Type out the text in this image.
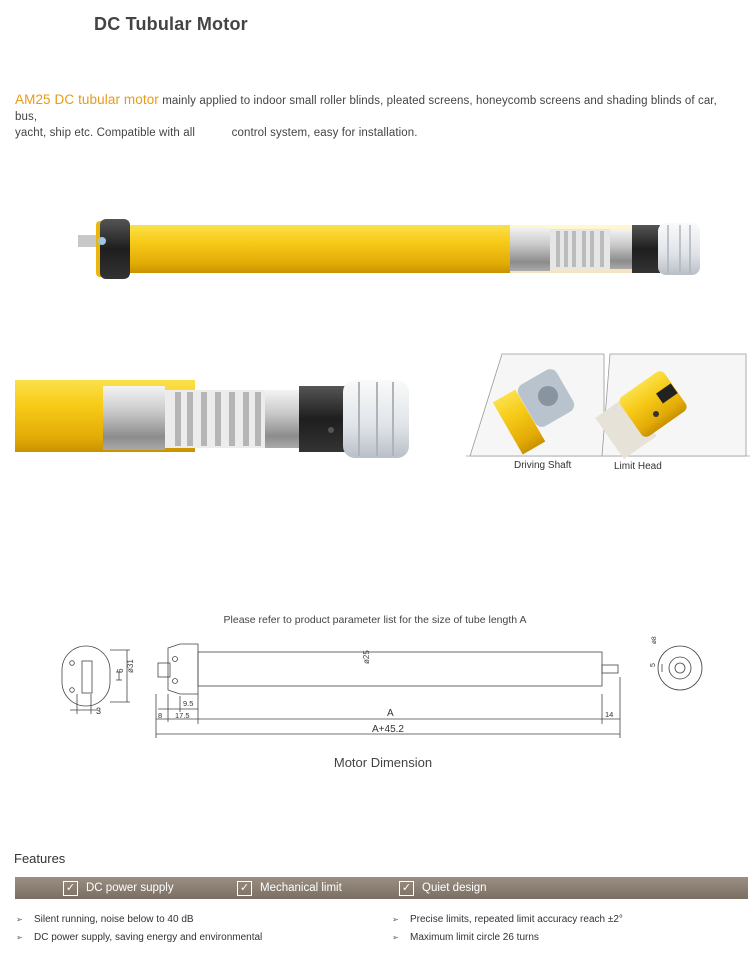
DC Tubular Motor
AM25 DC tubular motor mainly applied to indoor small roller blinds, pleated screens, honeycomb screens and shading blinds of car, bus,
yacht, ship etc. Compatible with all	control system, easy for installation.
Driving Shaft	Limit Head
Please refer to product parameter list for the size of tube length A
ø25
ø31
6
3	8 17.5
9.5
A
A+45.2
14
5
ø8
Motor Dimension
Features
✓ DC power supply	✓ Mechanical limit	✓ Quiet design
➢	Silent running, noise below to 40 dB
➢	DC power supply, saving energy and environmental
➢	Precise limits, repeated limit accuracy reach ±2°
➢	Maximum limit circle 26 turns
